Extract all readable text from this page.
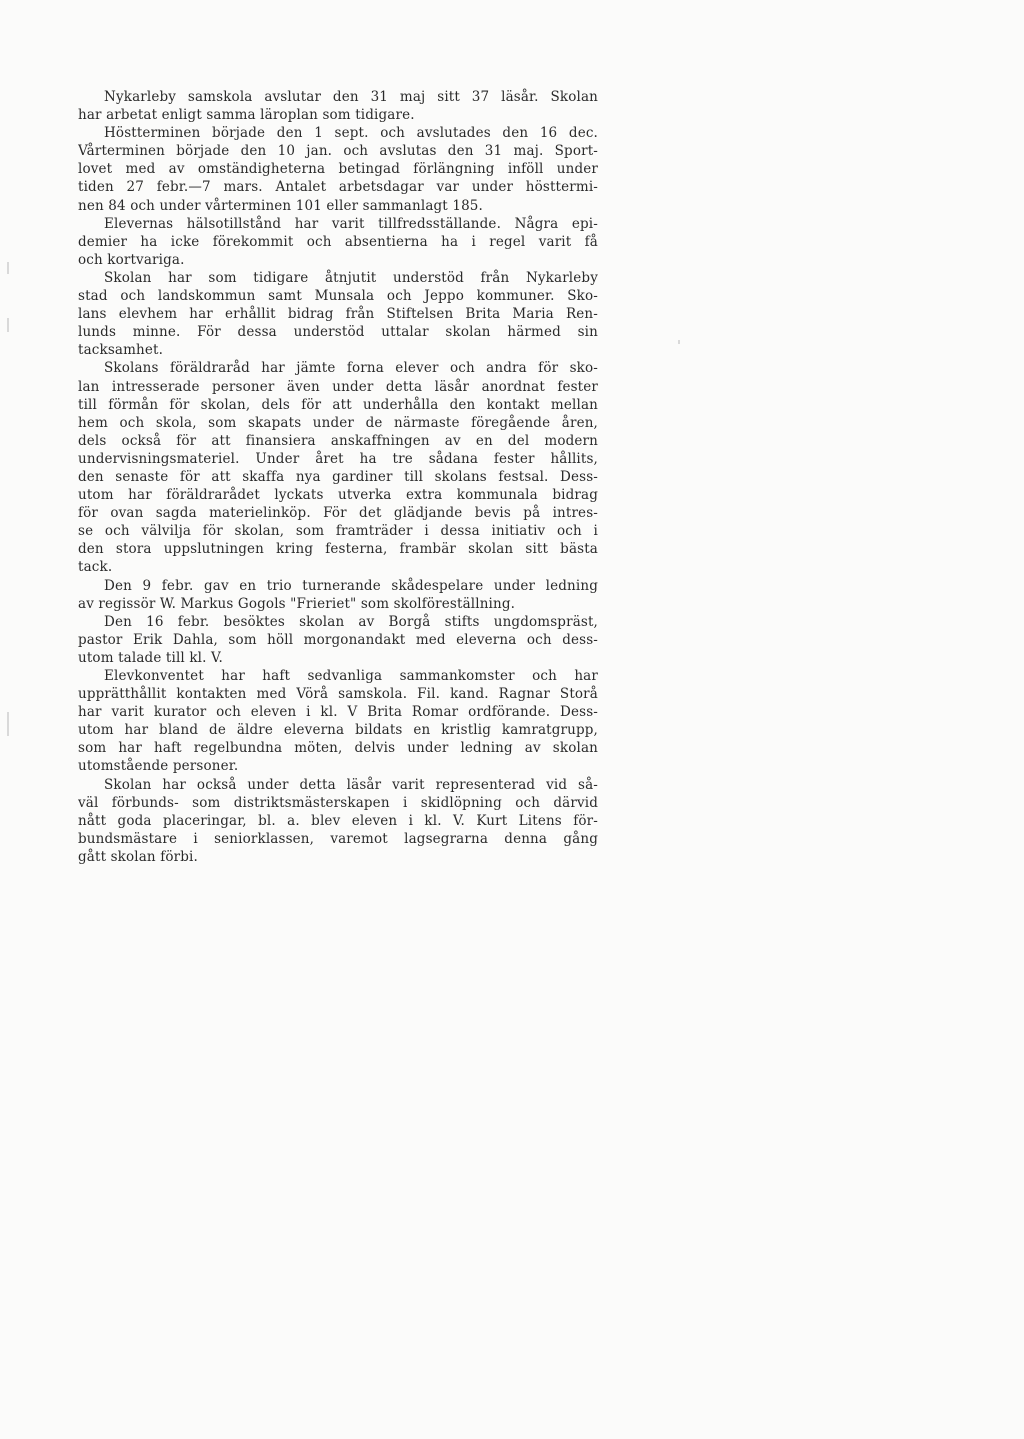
Nykarleby samskola avslutar den 31 maj sitt 37 läsår. Skolan
har arbetat enligt samma läroplan som tidigare.
Höstterminen började den 1 sept. och avslutades den 16 dec.
Vårterminen började den 10 jan. och avslutas den 31 maj. Sport-
lovet med av omständigheterna betingad förlängning inföll under
tiden 27 febr.—7 mars. Antalet arbetsdagar var under hösttermi-
nen 84 och under vårterminen 101 eller sammanlagt 185.
Elevernas hälsotillstånd har varit tillfredsställande. Några epi-
demier ha icke förekommit och absentierna ha i regel varit få
och kortvariga.
Skolan har som tidigare åtnjutit understöd från Nykarleby
stad och landskommun samt Munsala och Jeppo kommuner. Sko-
lans elevhem har erhållit bidrag från Stiftelsen Brita Maria Ren-
lunds minne. För dessa understöd uttalar skolan härmed sin
tacksamhet.
Skolans föräldraråd har jämte forna elever och andra för sko-
lan intresserade personer även under detta läsår anordnat fester
till förmån för skolan, dels för att underhålla den kontakt mellan
hem och skola, som skapats under de närmaste föregående åren,
dels också för att finansiera anskaffningen av en del modern
undervisningsmateriel. Under året ha tre sådana fester hållits,
den senaste för att skaffa nya gardiner till skolans festsal. Dess-
utom har föräldrarådet lyckats utverka extra kommunala bidrag
för ovan sagda materielinköp. För det glädjande bevis på intres-
se och välvilja för skolan, som framträder i dessa initiativ och i
den stora uppslutningen kring festerna, frambär skolan sitt bästa
tack.
Den 9 febr. gav en trio turnerande skådespelare under ledning
av regissör W. Markus Gogols "Frieriet" som skolföreställning.
Den 16 febr. besöktes skolan av Borgå stifts ungdomspräst,
pastor Erik Dahla, som höll morgonandakt med eleverna och dess-
utom talade till kl. V.
Elevkonventet har haft sedvanliga sammankomster och har
upprätthållit kontakten med Vörå samskola. Fil. kand. Ragnar Storå
har varit kurator och eleven i kl. V Brita Romar ordförande. Dess-
utom har bland de äldre eleverna bildats en kristlig kamratgrupp,
som har haft regelbundna möten, delvis under ledning av skolan
utomstående personer.
Skolan har också under detta läsår varit representerad vid så-
väl förbunds- som distriktsmästerskapen i skidlöpning och därvid
nått goda placeringar, bl. a. blev eleven i kl. V. Kurt Litens för-
bundsmästare i seniorklassen, varemot lagsegrarna denna gång
gått skolan förbi.
